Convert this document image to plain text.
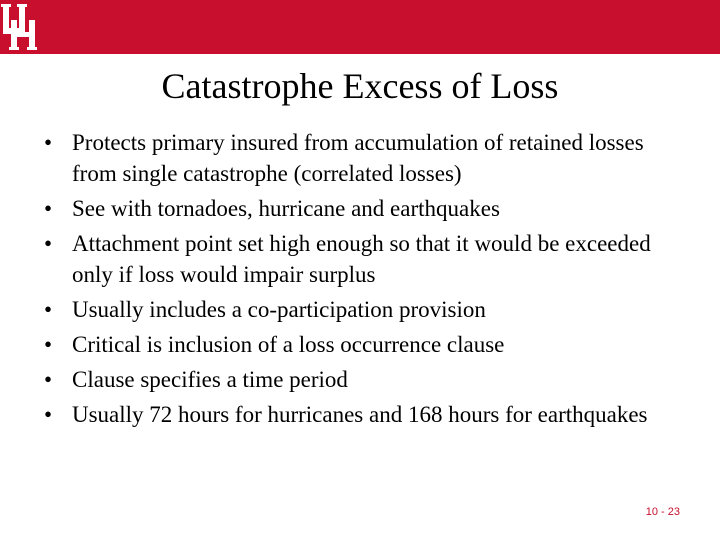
Catastrophe Excess of Loss
• Protects primary insured from accumulation of retained losses from single catastrophe (correlated losses)
• See with tornadoes, hurricane and earthquakes
• Attachment point set high enough so that it would be exceeded only if loss would impair surplus
• Usually includes a co-participation provision
• Critical is inclusion of a loss occurrence clause
• Clause specifies a time period
• Usually 72 hours for hurricanes and 168 hours for earthquakes
10 - 23
